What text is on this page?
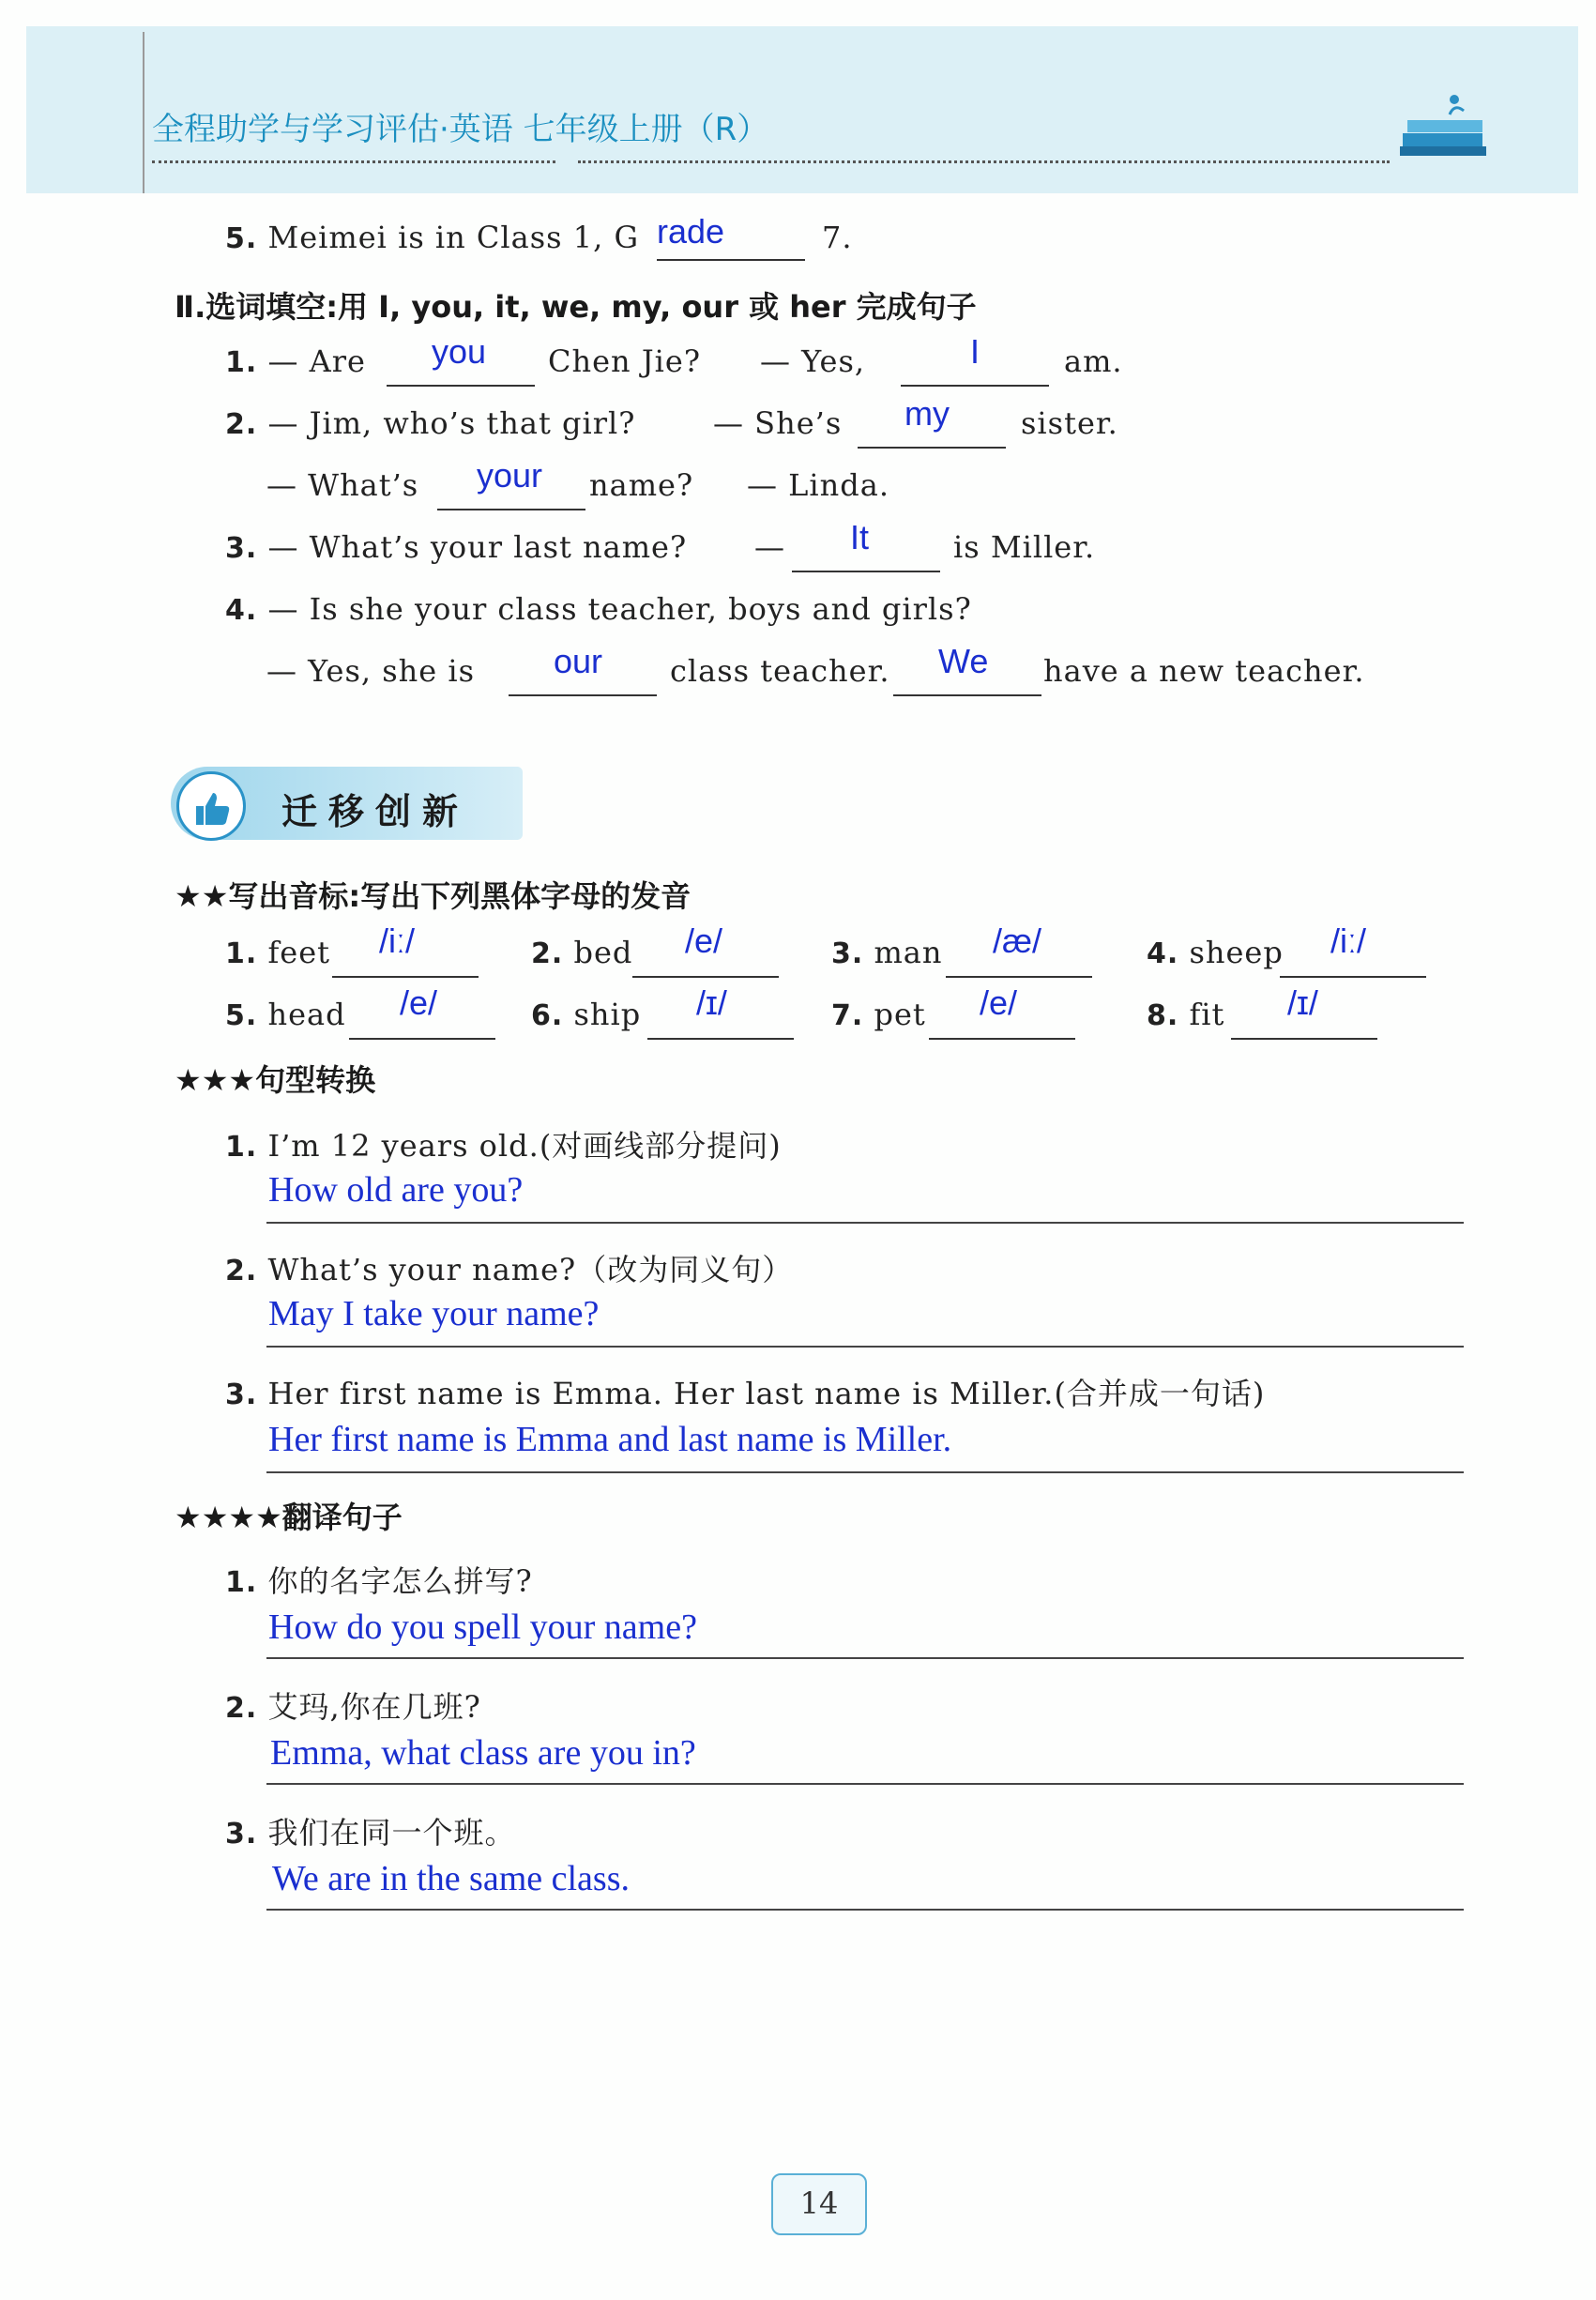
全程助学与学习评估·英语 七年级上册（R）
5. Meimei is in Class 1, G rade	7.
Ⅱ.选词填空:用 I, you, it, we, my, our 或 her 完成句子
1. — Are you Chen Jie? — Yes,	I	am.
2. — Jim, who’s that girl?	— She’s my sister.
— What’s your name? — Linda.
3. — What’s your last name? — It	is Miller.
4. — Is she your class teacher, boys and girls?
— Yes, she is our class teacher. We have a new teacher.
迁移创新
★★写出音标:写出下列黑体字母的发音
1. feet /iː/	2. bed /e/	3. man /æ/	4. sheep /iː/
5. head /e/	6. ship /ɪ/	7. pet /e/	8. fit /ɪ/
★★★句型转换
1. I’m 12 years old.(对画线部分提问)
How old are you?
2. What’s your name?（改为同义句）
May I take your name?
3. Her first name is Emma. Her last name is Miller.(合并成一句话)
Her first name is Emma and last name is Miller.
★★★★翻译句子
1. 你的名字怎么拼写?
How do you spell your name?
2. 艾玛,你在几班?
Emma, what class are you in?
3. 我们在同一个班。
We are in the same class.
14
